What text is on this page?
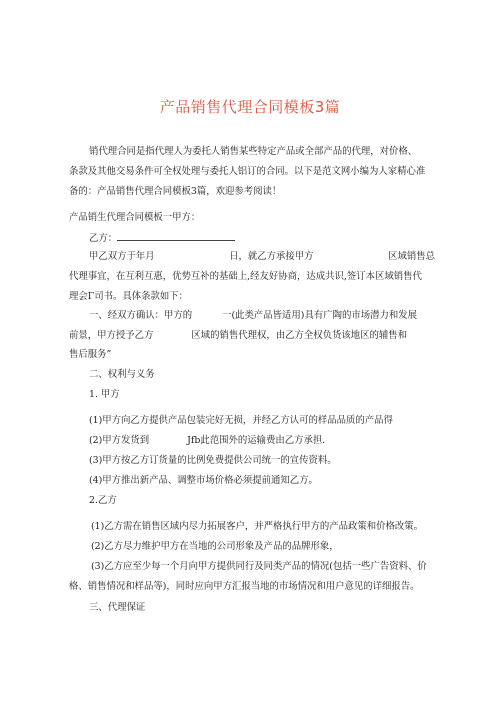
产品销售代理合同模板3篇
销代理合同是指代理人为委托人销售某些特定产品或全部产品的代理，对价格、
条款及其他交易条件可全权处理与委托人铝订的合同。以下是范文网小编为人家精心准
备的：产品销售代理合同模板3篇，欢迎参考阅读！
产品销生代理合同模板一甲方：
乙方：
甲乙双方于年月	日，就乙方承接甲方	区域销售总
代理事宜，在互利互惠，优势互补的基础上,经友好协商，达成共识,签订本区域销售代
理会Γ司书。具体条款如下：
一、经双方确认：甲方的	一(此类产品皆适用)具有广陶的市场潜力和发展
前景，甲方授予乙方	区域的销售代理权，由乙方全权负货该地区的辅售和
售后服务”
二、权利与义务
1. 甲方
(1)甲方向乙方提供产品包装完好无损，并经乙方认可的样品品质的产品得
(2)甲方发货到	Jfb此范围外的运输费由乙方承担.
(3)甲方按乙方订货量的比例免费提供公司统一的宣传资料。
(4)甲方推出新产品、调整市场价格必须提前通知乙方。
2.乙方
(1)乙方需在销售区域内尽力拓展客户，并严格执行甲方的产品政策和价格改策。
(2)乙方尽力维护甲方在当地的公司形象及产品的品牌形象，
(3)乙方应至少每一个月向甲方提供同行及同类产品的情况(包括一些广告资料、价
格、销售情况和样品等)，同时应向甲方汇报当地的市场情况和用户意见的详细报告。
三、代理保证
